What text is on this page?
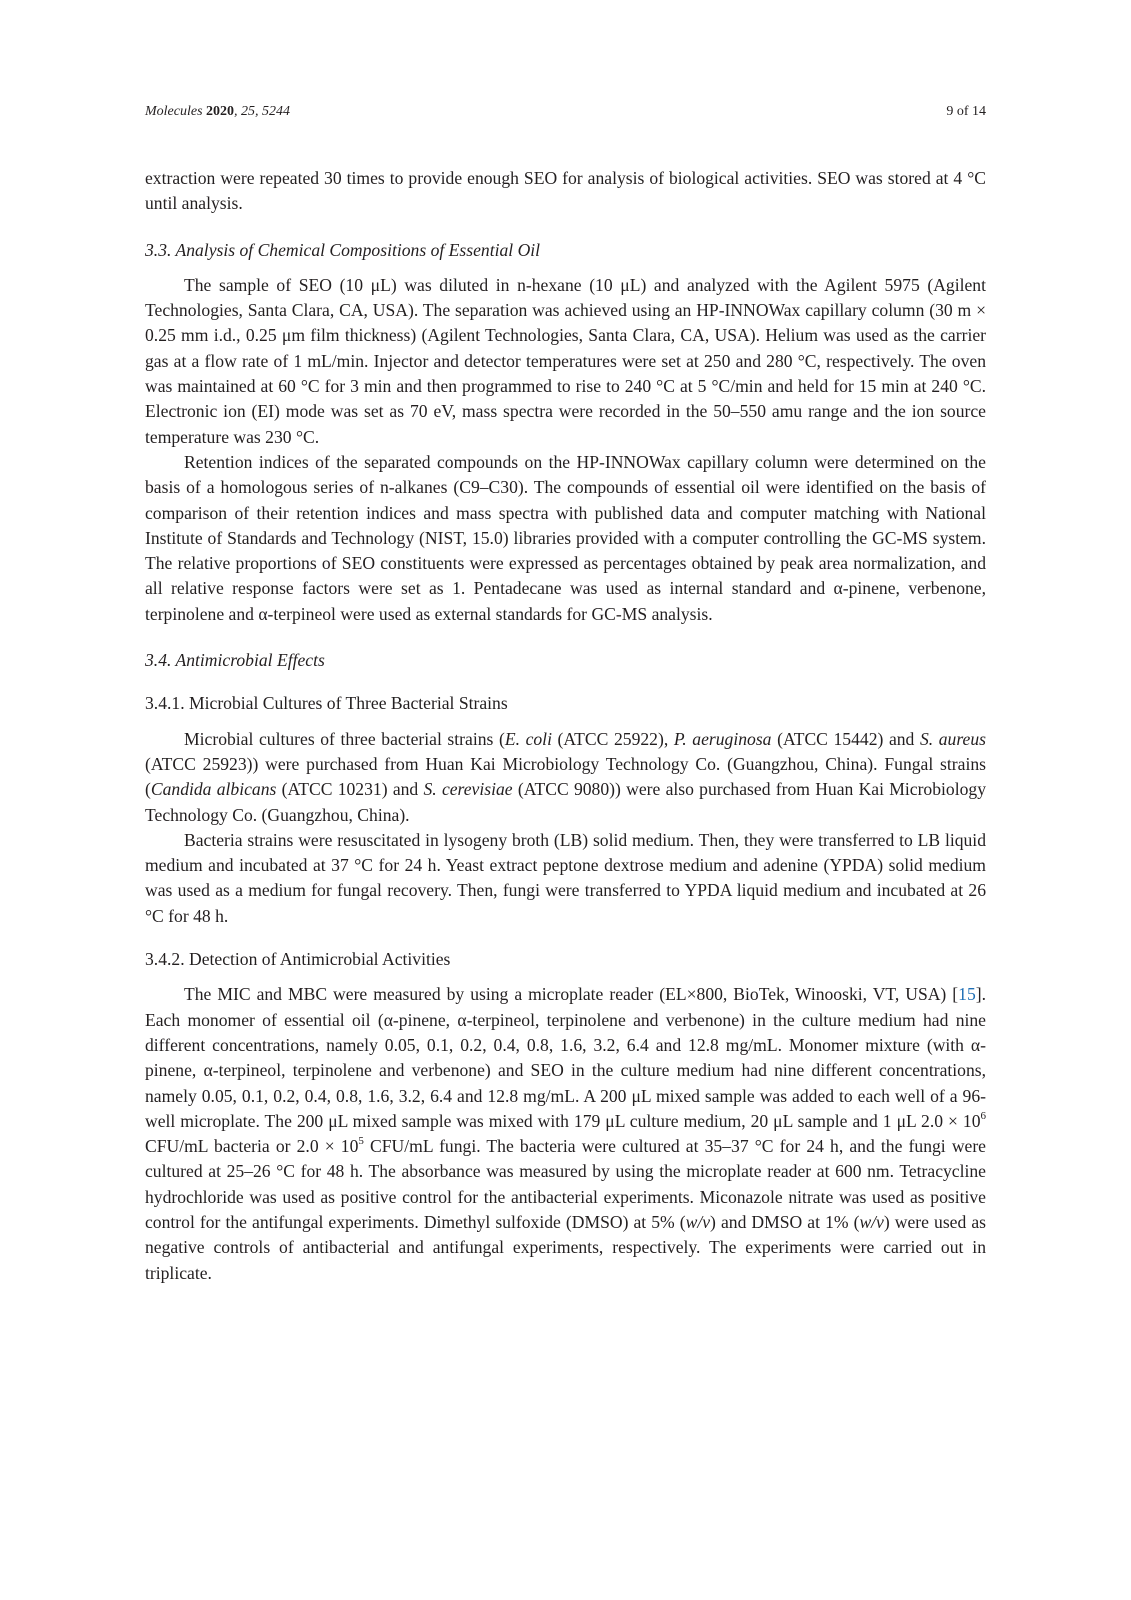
Molecules 2020, 25, 5244	9 of 14

extraction were repeated 30 times to provide enough SEO for analysis of biological activities. SEO was stored at 4 °C until analysis.

3.3. Analysis of Chemical Compositions of Essential Oil

The sample of SEO (10 μL) was diluted in n-hexane (10 μL) and analyzed with the Agilent 5975 (Agilent Technologies, Santa Clara, CA, USA). The separation was achieved using an HP-INNOWax capillary column (30 m × 0.25 mm i.d., 0.25 μm film thickness) (Agilent Technologies, Santa Clara, CA, USA). Helium was used as the carrier gas at a flow rate of 1 mL/min. Injector and detector temperatures were set at 250 and 280 °C, respectively. The oven was maintained at 60 °C for 3 min and then programmed to rise to 240 °C at 5 °C/min and held for 15 min at 240 °C. Electronic ion (EI) mode was set as 70 eV, mass spectra were recorded in the 50–550 amu range and the ion source temperature was 230 °C.

Retention indices of the separated compounds on the HP-INNOWax capillary column were determined on the basis of a homologous series of n-alkanes (C9–C30). The compounds of essential oil were identified on the basis of comparison of their retention indices and mass spectra with published data and computer matching with National Institute of Standards and Technology (NIST, 15.0) libraries provided with a computer controlling the GC-MS system. The relative proportions of SEO constituents were expressed as percentages obtained by peak area normalization, and all relative response factors were set as 1. Pentadecane was used as internal standard and α-pinene, verbenone, terpinolene and α-terpineol were used as external standards for GC-MS analysis.

3.4. Antimicrobial Effects
3.4.1. Microbial Cultures of Three Bacterial Strains

Microbial cultures of three bacterial strains (E. coli (ATCC 25922), P. aeruginosa (ATCC 15442) and S. aureus (ATCC 25923)) were purchased from Huan Kai Microbiology Technology Co. (Guangzhou, China). Fungal strains (Candida albicans (ATCC 10231) and S. cerevisiae (ATCC 9080)) were also purchased from Huan Kai Microbiology Technology Co. (Guangzhou, China).

Bacteria strains were resuscitated in lysogeny broth (LB) solid medium. Then, they were transferred to LB liquid medium and incubated at 37 °C for 24 h. Yeast extract peptone dextrose medium and adenine (YPDA) solid medium was used as a medium for fungal recovery. Then, fungi were transferred to YPDA liquid medium and incubated at 26 °C for 48 h.

3.4.2. Detection of Antimicrobial Activities

The MIC and MBC were measured by using a microplate reader (EL×800, BioTek, Winooski, VT, USA) [15]. Each monomer of essential oil (α-pinene, α-terpineol, terpinolene and verbenone) in the culture medium had nine different concentrations, namely 0.05, 0.1, 0.2, 0.4, 0.8, 1.6, 3.2, 6.4 and 12.8 mg/mL. Monomer mixture (with α-pinene, α-terpineol, terpinolene and verbenone) and SEO in the culture medium had nine different concentrations, namely 0.05, 0.1, 0.2, 0.4, 0.8, 1.6, 3.2, 6.4 and 12.8 mg/mL. A 200 μL mixed sample was added to each well of a 96-well microplate. The 200 μL mixed sample was mixed with 179 μL culture medium, 20 μL sample and 1 μL $2.0 \times 10^6$ CFU/mL bacteria or $2.0 \times 10^5$ CFU/mL fungi. The bacteria were cultured at 35–37 °C for 24 h, and the fungi were cultured at 25–26 °C for 48 h. The absorbance was measured by using the microplate reader at 600 nm. Tetracycline hydrochloride was used as positive control for the antibacterial experiments. Miconazole nitrate was used as positive control for the antifungal experiments. Dimethyl sulfoxide (DMSO) at 5% (w/v) and DMSO at 1% (w/v) were used as negative controls of antibacterial and antifungal experiments, respectively. The experiments were carried out in triplicate.
